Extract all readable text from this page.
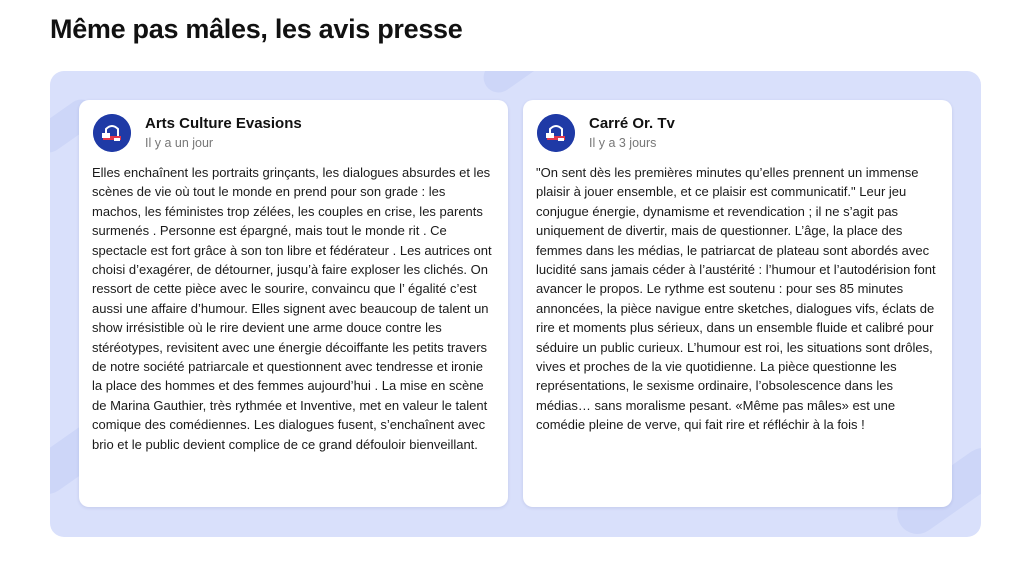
Même pas mâles, les avis presse
Arts Culture Evasions
Il y a un jour

Elles enchaînent les portraits grinçants, les dialogues absurdes et les scènes de vie où tout le monde en prend pour son grade : les machos, les féministes trop zélées, les couples en crise, les parents surmenés . Personne est épargné, mais tout le monde rit . Ce spectacle est fort grâce à son ton libre et fédérateur . Les autrices ont choisi d’exagérer, de détourner, jusqu’à faire exploser les clichés. On ressort de cette pièce avec le sourire, convaincu que l’ égalité c’est aussi une affaire d’humour. Elles signent avec beaucoup de talent un show irrésistible où le rire devient une arme douce contre les stéréotypes, revisitent avec une énergie décoiffante les petits travers de notre société patriarcale et questionnent avec tendresse et ironie la place des hommes et des femmes aujourd’hui . La mise en scène de Marina Gauthier, très rythmée et Inventive, met en valeur le talent comique des comédiennes. Les dialogues fusent, s’enchaînent avec brio et le public devient complice de ce grand défouloir bienveillant.

Carré Or. Tv
Il y a 3 jours

"On sent dès les premières minutes qu’elles prennent un immense plaisir à jouer ensemble, et ce plaisir est communicatif." Leur jeu conjugue énergie, dynamisme et revendication ; il ne s’agit pas uniquement de divertir, mais de questionner. L’âge, la place des femmes dans les médias, le patriarcat de plateau sont abordés avec lucidité sans jamais céder à l’austérité : l’humour et l’autodérision font avancer le propos. Le rythme est soutenu : pour ses 85 minutes annoncées, la pièce navigue entre sketches, dialogues vifs, éclats de rire et moments plus sérieux, dans un ensemble fluide et calibré pour séduire un public curieux. L’humour est roi, les situations sont drôles, vives et proches de la vie quotidienne. La pièce questionne les représentations, le sexisme ordinaire, l’obsolescence dans les médias… sans moralisme pesant. «Même pas mâles» est une comédie pleine de verve, qui fait rire et réfléchir à la fois !
